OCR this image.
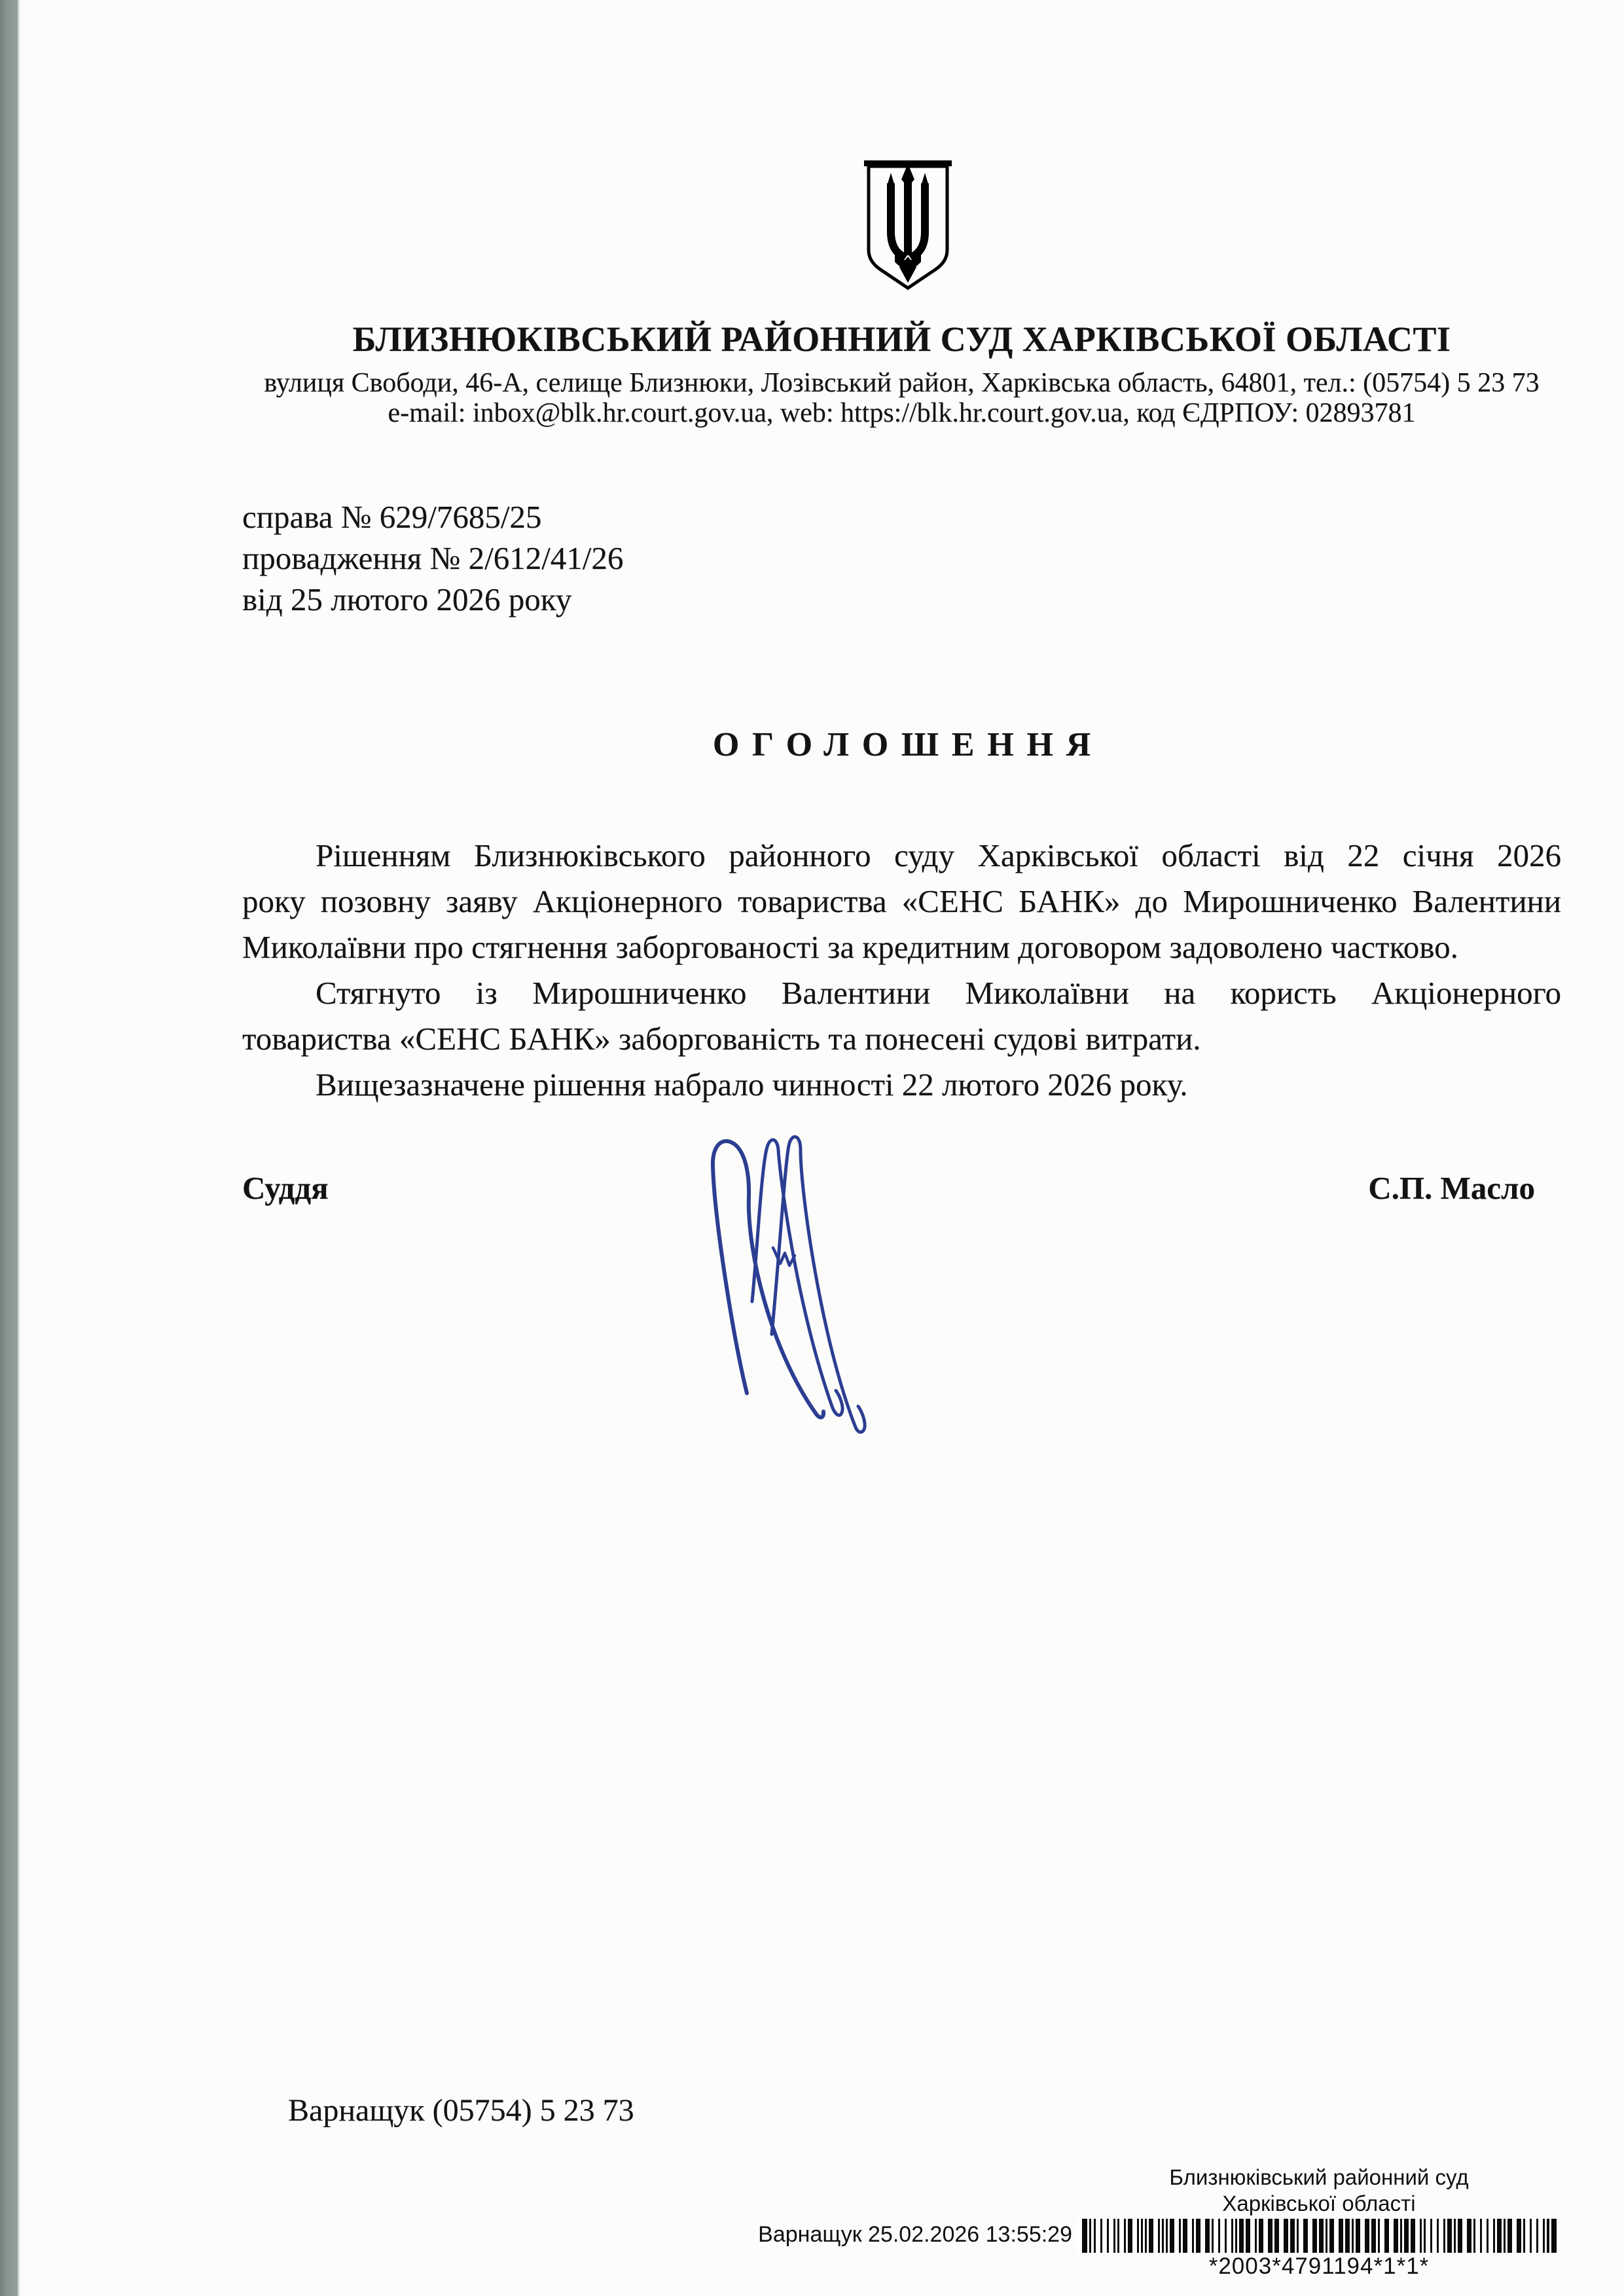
БЛИЗНЮКІВСЬКИЙ РАЙОННИЙ СУД ХАРКІВСЬКОЇ ОБЛАСТІ
вулиця Свободи, 46-А, селище Близнюки, Лозівський район, Харківська область, 64801, тел.: (05754) 5 23 73
e-mail: inbox@blk.hr.court.gov.ua, web: https://blk.hr.court.gov.ua, код ЄДРПОУ: 02893781
справа № 629/7685/25
провадження № 2/612/41/26
від 25 лютого 2026 року
ОГОЛОШЕННЯ
Рішенням Близнюківського районного суду Харківської області від 22 січня 2026
року позовну заяву Акціонерного товариства «СЕНС БАНК» до Мирошниченко Валентини
Миколаївни про стягнення заборгованості за кредитним договором задоволено частково.
Стягнуто із Мирошниченко Валентини Миколаївни на користь Акціонерного
товариства «СЕНС БАНК» заборгованість та понесені судові витрати.
Вищезазначене рішення набрало чинності 22 лютого 2026 року.
Суддя	С.П. Масло
Варнащук (05754) 5 23 73
Варнащук 25.02.2026 13:55:29
Близнюківський районний суд
Харківської області
*2003*4791194*1*1*
